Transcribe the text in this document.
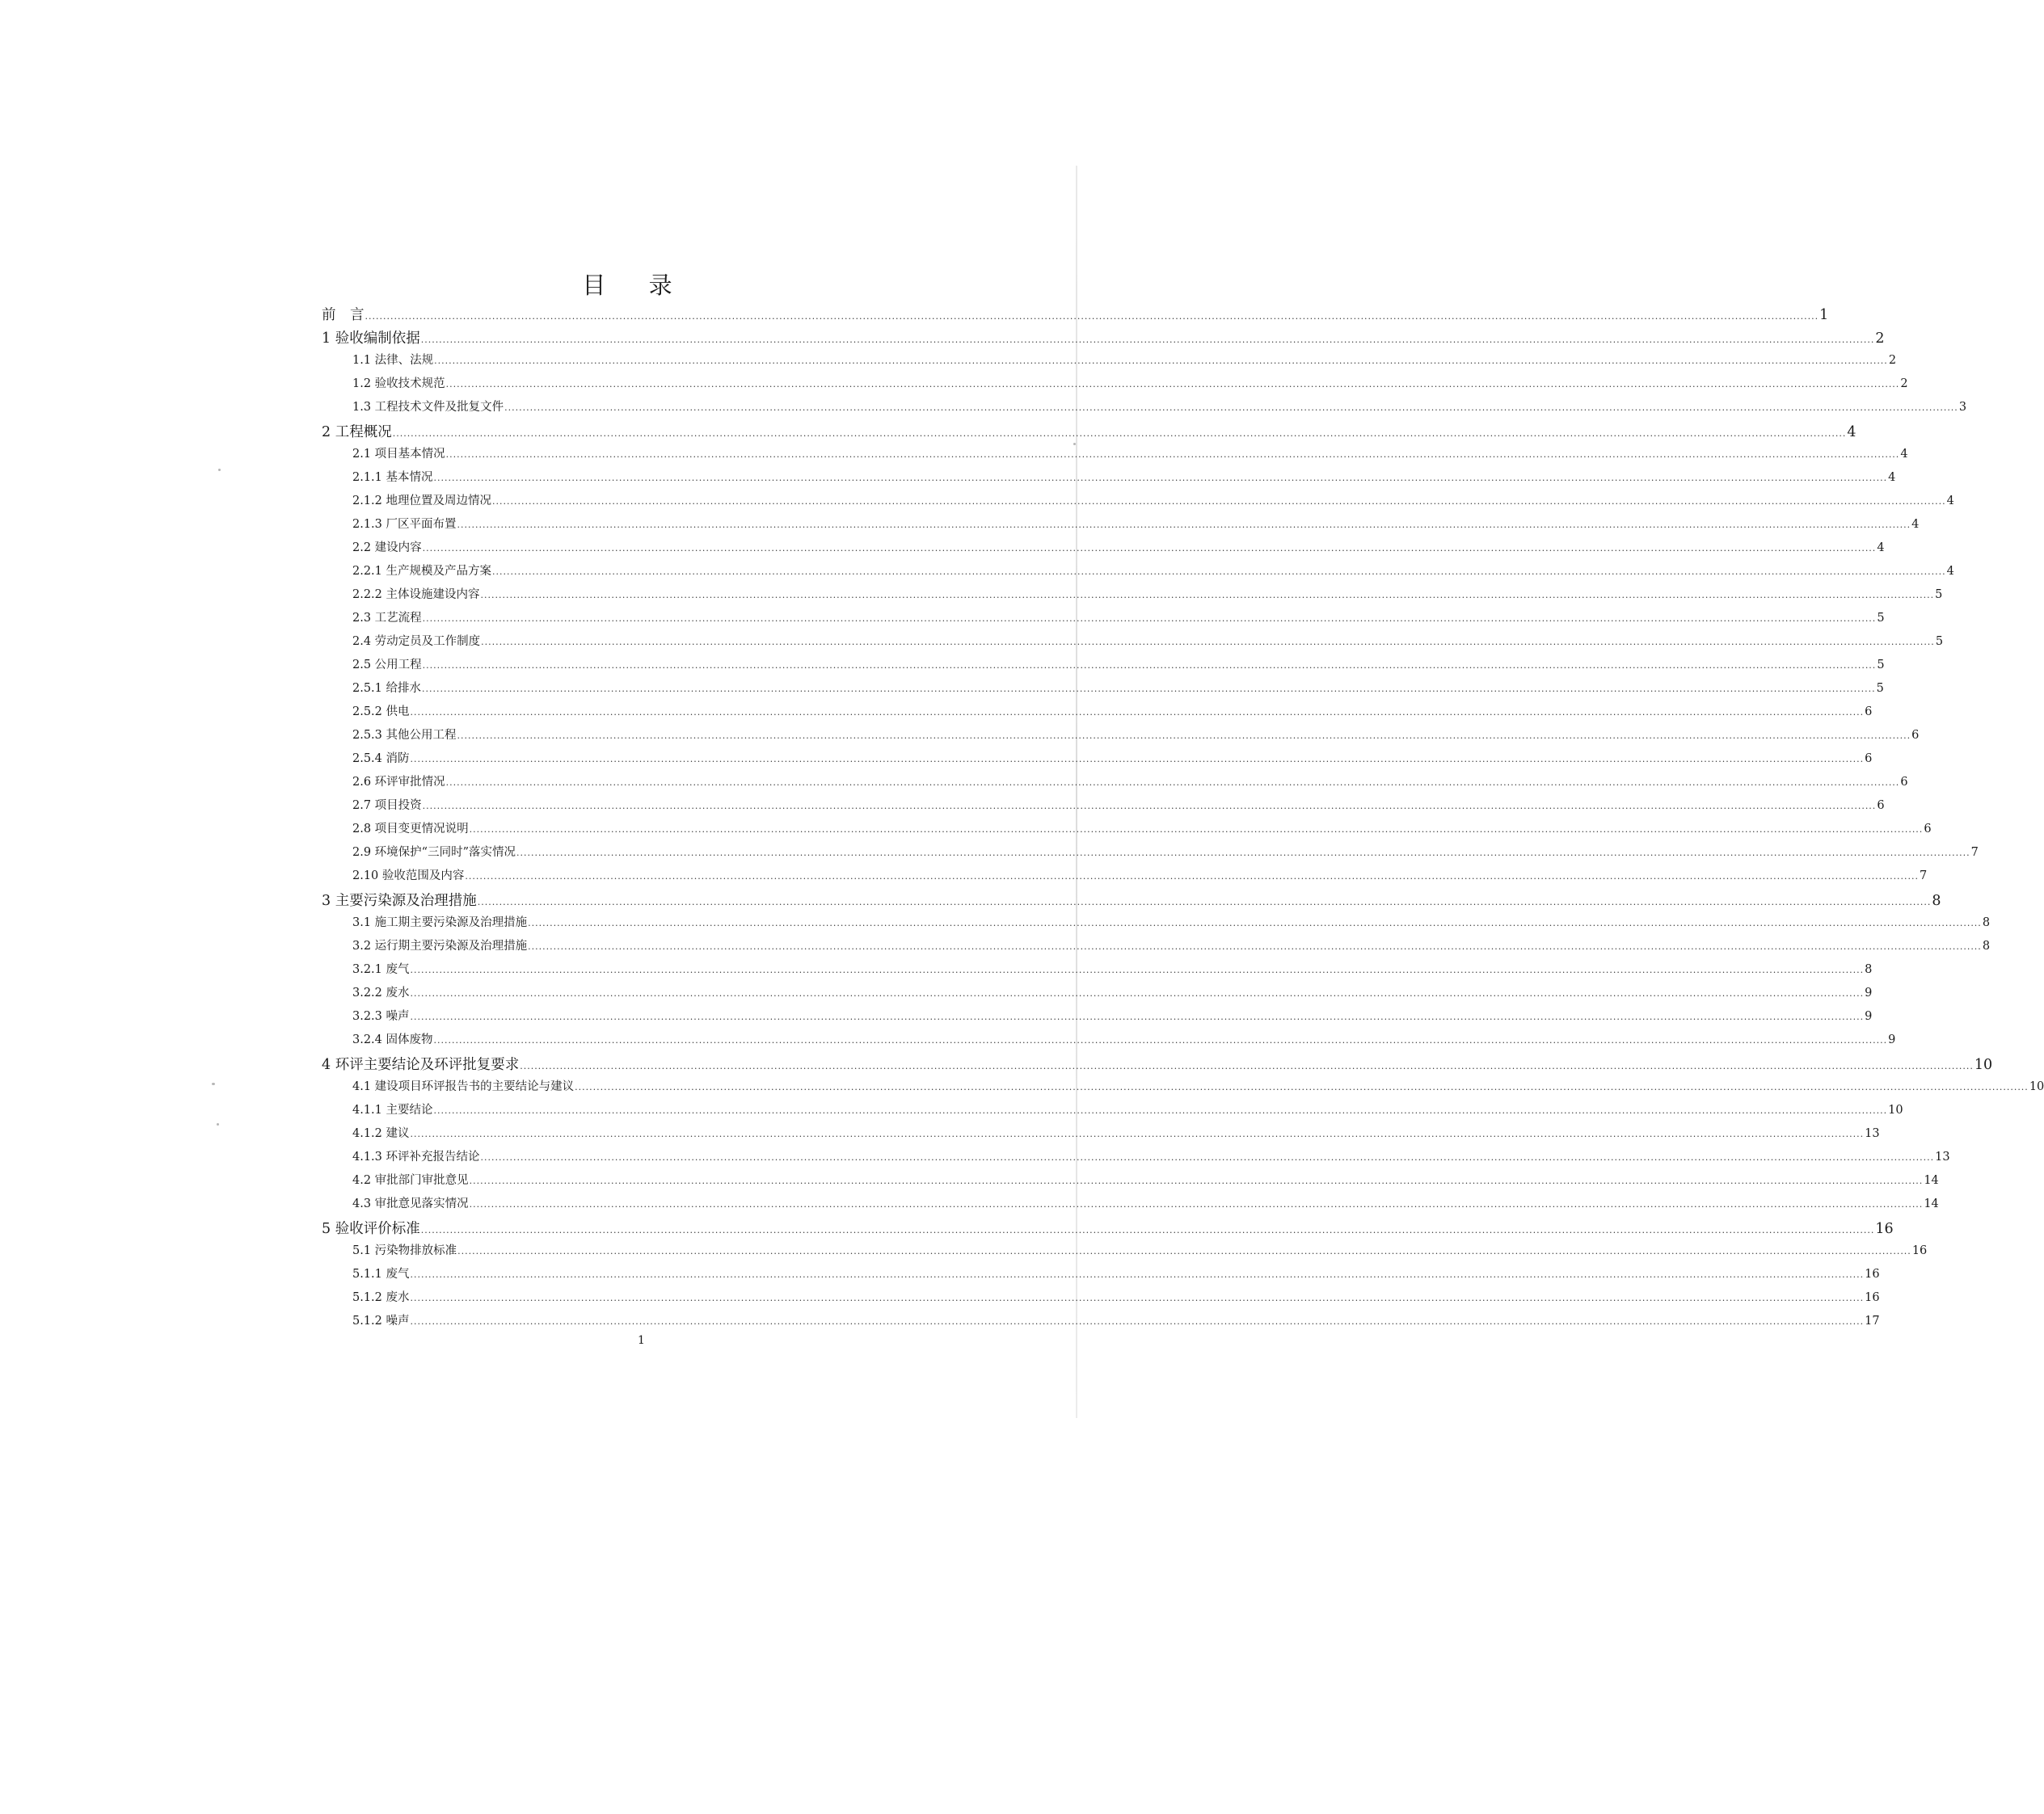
目 录
前　言 ................................................................................................................................................................................................................................................................................................................................................................................................................ 1
1 验收编制依据 ................................................................................................................................................................................................................................................................................................................................................................................................................ 2
1.1 法律、法规 ................................................................................................................................................................................................................................................................................................................................................................................................................ 2
1.2 验收技术规范 ................................................................................................................................................................................................................................................................................................................................................................................................................ 2
1.3 工程技术文件及批复文件 ................................................................................................................................................................................................................................................................................................................................................................................................................ 3
2 工程概况 ................................................................................................................................................................................................................................................................................................................................................................................................................ 4
2.1 项目基本情况 ................................................................................................................................................................................................................................................................................................................................................................................................................ 4
2.1.1 基本情况 ................................................................................................................................................................................................................................................................................................................................................................................................................ 4
2.1.2 地理位置及周边情况 ................................................................................................................................................................................................................................................................................................................................................................................................................ 4
2.1.3 厂区平面布置 ................................................................................................................................................................................................................................................................................................................................................................................................................ 4
2.2 建设内容 ................................................................................................................................................................................................................................................................................................................................................................................................................ 4
2.2.1 生产规模及产品方案 ................................................................................................................................................................................................................................................................................................................................................................................................................ 4
2.2.2 主体设施建设内容 ................................................................................................................................................................................................................................................................................................................................................................................................................ 5
2.3 工艺流程 ................................................................................................................................................................................................................................................................................................................................................................................................................ 5
2.4 劳动定员及工作制度 ................................................................................................................................................................................................................................................................................................................................................................................................................ 5
2.5 公用工程 ................................................................................................................................................................................................................................................................................................................................................................................................................ 5
2.5.1 给排水 ................................................................................................................................................................................................................................................................................................................................................................................................................ 5
2.5.2 供电 ................................................................................................................................................................................................................................................................................................................................................................................................................ 6
2.5.3 其他公用工程 ................................................................................................................................................................................................................................................................................................................................................................................................................ 6
2.5.4 消防 ................................................................................................................................................................................................................................................................................................................................................................................................................ 6
2.6 环评审批情况 ................................................................................................................................................................................................................................................................................................................................................................................................................ 6
2.7 项目投资 ................................................................................................................................................................................................................................................................................................................................................................................................................ 6
2.8 项目变更情况说明 ................................................................................................................................................................................................................................................................................................................................................................................................................ 6
2.9 环境保护“三同时”落实情况 ................................................................................................................................................................................................................................................................................................................................................................................................................ 7
2.10 验收范围及内容 ................................................................................................................................................................................................................................................................................................................................................................................................................ 7
3 主要污染源及治理措施 ................................................................................................................................................................................................................................................................................................................................................................................................................ 8
3.1 施工期主要污染源及治理措施 ................................................................................................................................................................................................................................................................................................................................................................................................................ 8
3.2 运行期主要污染源及治理措施 ................................................................................................................................................................................................................................................................................................................................................................................................................ 8
3.2.1 废气 ................................................................................................................................................................................................................................................................................................................................................................................................................ 8
3.2.2 废水 ................................................................................................................................................................................................................................................................................................................................................................................................................ 9
3.2.3 噪声 ................................................................................................................................................................................................................................................................................................................................................................................................................ 9
3.2.4 固体废物 ................................................................................................................................................................................................................................................................................................................................................................................................................ 9
4 环评主要结论及环评批复要求 ................................................................................................................................................................................................................................................................................................................................................................................................................ 10
4.1 建设项目环评报告书的主要结论与建议 ................................................................................................................................................................................................................................................................................................................................................................................................................ 10
4.1.1 主要结论 ................................................................................................................................................................................................................................................................................................................................................................................................................ 10
4.1.2 建议 ................................................................................................................................................................................................................................................................................................................................................................................................................ 13
4.1.3 环评补充报告结论 ................................................................................................................................................................................................................................................................................................................................................................................................................ 13
4.2 审批部门审批意见 ................................................................................................................................................................................................................................................................................................................................................................................................................ 14
4.3 审批意见落实情况 ................................................................................................................................................................................................................................................................................................................................................................................................................ 14
5 验收评价标准 ................................................................................................................................................................................................................................................................................................................................................................................................................ 16
5.1 污染物排放标准 ................................................................................................................................................................................................................................................................................................................................................................................................................ 16
5.1.1 废气 ................................................................................................................................................................................................................................................................................................................................................................................................................ 16
5.1.2 废水 ................................................................................................................................................................................................................................................................................................................................................................................................................ 16
5.1.2 噪声 ................................................................................................................................................................................................................................................................................................................................................................................................................ 17
1
